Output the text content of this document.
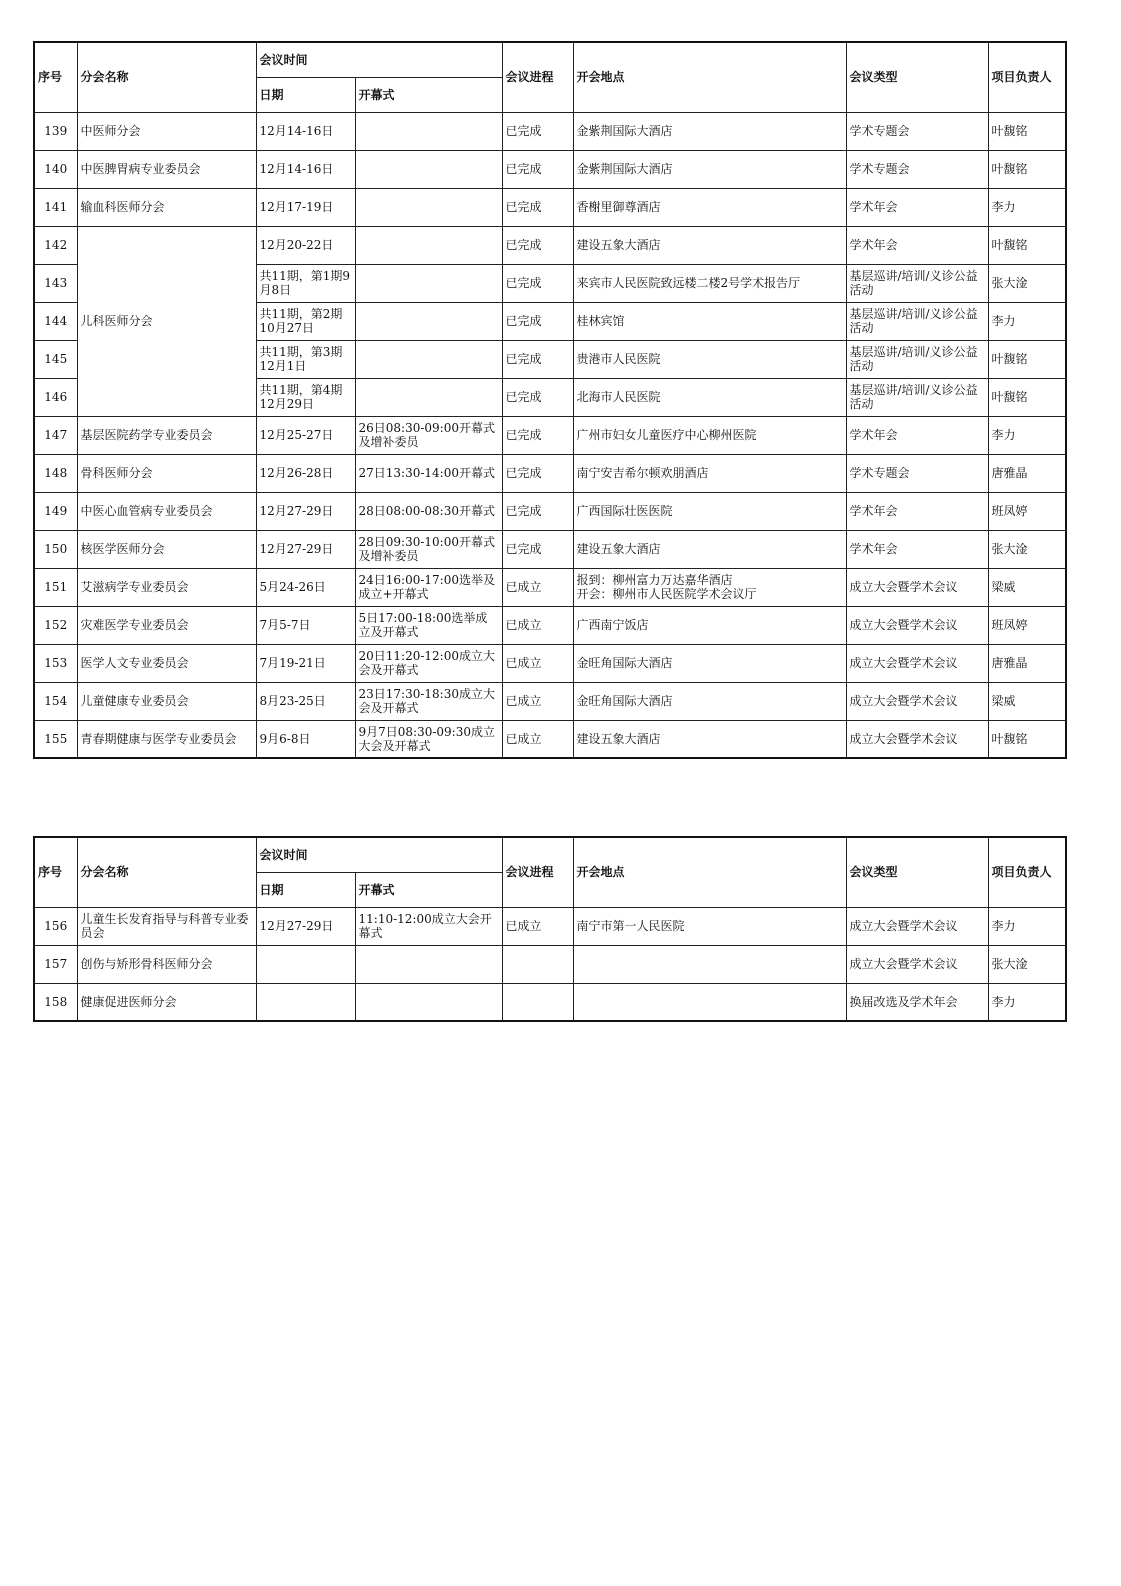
序号	分会名称	会议时间		会议进程	开会地点	会议类型	项目负责人
		日期	开幕式				
139	中医师分会	12月14-16日		已完成	金紫荆国际大酒店	学术专题会	叶馥铭
140	中医脾胃病专业委员会	12月14-16日		已完成	金紫荆国际大酒店	学术专题会	叶馥铭
141	输血科医师分会	12月17-19日		已完成	香榭里御尊酒店	学术年会	李力
142	儿科医师分会	12月20-22日		已完成	建设五象大酒店	学术年会	叶馥铭
143		共11期，第1期9月8日		已完成	来宾市人民医院致远楼二楼2号学术报告厅	基层巡讲/培训/义诊公益活动	张大淦
144		共11期，第2期10月27日		已完成	桂林宾馆	基层巡讲/培训/义诊公益活动	李力
145		共11期，第3期12月1日		已完成	贵港市人民医院	基层巡讲/培训/义诊公益活动	叶馥铭
146		共11期，第4期12月29日		已完成	北海市人民医院	基层巡讲/培训/义诊公益活动	叶馥铭
147	基层医院药学专业委员会	12月25-27日	26日08:30-09:00开幕式及增补委员	已完成	广州市妇女儿童医疗中心柳州医院	学术年会	李力
148	骨科医师分会	12月26-28日	27日13:30-14:00开幕式	已完成	南宁安吉希尔顿欢朋酒店	学术专题会	唐雅晶
149	中医心血管病专业委员会	12月27-29日	28日08:00-08:30开幕式	已完成	广西国际壮医医院	学术年会	班凤婷
150	核医学医师分会	12月27-29日	28日09:30-10:00开幕式及增补委员	已完成	建设五象大酒店	学术年会	张大淦
151	艾滋病学专业委员会	5月24-26日	24日16:00-17:00选举及成立+开幕式	已成立	报到：柳州富力万达嘉华酒店
开会：柳州市人民医院学术会议厅	成立大会暨学术会议	梁威
152	灾难医学专业委员会	7月5-7日	5日17:00-18:00选举成立及开幕式	已成立	广西南宁饭店	成立大会暨学术会议	班凤婷
153	医学人文专业委员会	7月19-21日	20日11:20-12:00成立大会及开幕式	已成立	金旺角国际大酒店	成立大会暨学术会议	唐雅晶
154	儿童健康专业委员会	8月23-25日	23日17:30-18:30成立大会及开幕式	已成立	金旺角国际大酒店	成立大会暨学术会议	梁威
155	青春期健康与医学专业委员会	9月6-8日	9月7日08:30-09:30成立大会及开幕式	已成立	建设五象大酒店	成立大会暨学术会议	叶馥铭
序号	分会名称	会议时间		会议进程	开会地点	会议类型	项目负责人
		日期	开幕式				
156	儿童生长发育指导与科普专业委员会	12月27-29日	11:10-12:00成立大会开幕式	已成立	南宁市第一人民医院	成立大会暨学术会议	李力
157	创伤与矫形骨科医师分会					成立大会暨学术会议	张大淦
158	健康促进医师分会					换届改选及学术年会	李力
